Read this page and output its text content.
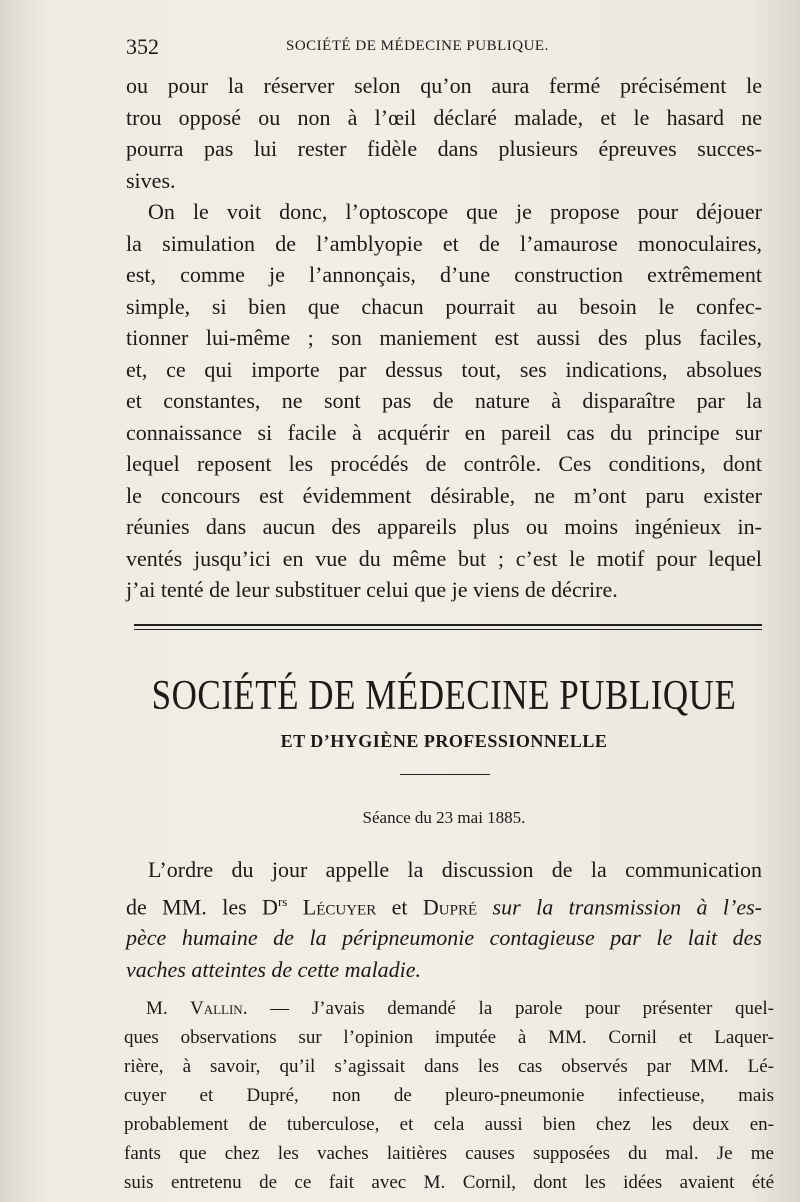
352	SOCIÉTÉ DE MÉDECINE PUBLIQUE.
ou pour la réserver selon qu’on aura fermé précisément le
trou opposé ou non à l’œil déclaré malade, et le hasard ne
pourra pas lui rester fidèle dans plusieurs épreuves succes-
sives.
On le voit donc, l’optoscope que je propose pour déjouer
la simulation de l’amblyopie et de l’amaurose monoculaires,
est, comme je l’annonçais, d’une construction extrêmement
simple, si bien que chacun pourrait au besoin le confec-
tionner lui-même ; son maniement est aussi des plus faciles,
et, ce qui importe par dessus tout, ses indications, absolues
et constantes, ne sont pas de nature à disparaître par la
connaissance si facile à acquérir en pareil cas du principe sur
lequel reposent les procédés de contrôle. Ces conditions, dont
le concours est évidemment désirable, ne m’ont paru exister
réunies dans aucun des appareils plus ou moins ingénieux in-
ventés jusqu’ici en vue du même but ; c’est le motif pour lequel
j’ai tenté de leur substituer celui que je viens de décrire.
SOCIÉTÉ DE MÉDECINE PUBLIQUE
ET D’HYGIÈNE PROFESSIONNELLE
Séance du 23 mai 1885.
L’ordre du jour appelle la discussion de la communication
de MM. les $D^{rs}$ Lécuyer et Dupré sur la transmission à l’es-
pèce humaine de la péripneumonie contagieuse par le lait des
vaches atteintes de cette maladie.
M. Vallin. — J’avais demandé la parole pour présenter quel-
ques observations sur l’opinion imputée à MM. Cornil et Laquer-
rière, à savoir, qu’il s’agissait dans les cas observés par MM. Lé-
cuyer et Dupré, non de pleuro-pneumonie infectieuse, mais
probablement de tuberculose, et cela aussi bien chez les deux en-
fants que chez les vaches laitières causes supposées du mal. Je me
suis entretenu de ce fait avec M. Cornil, dont les idées avaient été
